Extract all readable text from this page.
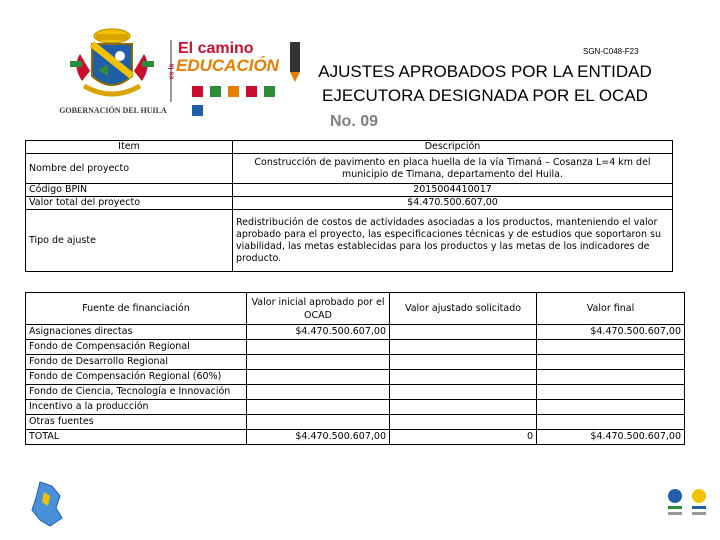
GOBERNACIÓN DEL HUILA
es la
El camino
EDUCACIÓN

SGN-C048-F23
AJUSTES APROBADOS POR LA ENTIDAD
EJECUTORA DESIGNADA POR EL OCAD
No. 09
Item	Descripción
Nombre del proyecto	Construcción de pavimento en placa huella de la vía Timaná – Cosanza L=4 km del municipio de Timana, departamento del Huila.
Código BPIN	2015004410017
Valor total del proyecto	$4.470.500.607,00
Tipo de ajuste	Redistribución de costos de actividades asociadas a los productos, manteniendo el valor aprobado para el proyecto, las especificaciones técnicas y de estudios que soportaron su viabilidad, las metas establecidas para los productos y las metas de los indicadores de producto.
Fuente de financiación	Valor inicial aprobado por el OCAD	Valor ajustado solicitado	Valor final
Asignaciones directas	$4.470.500.607,00		$4.470.500.607,00
Fondo de Compensación Regional			
Fondo de Desarrollo Regional			
Fondo de Compensación Regional (60%)			
Fondo de Ciencia, Tecnología e Innovación			
Incentivo a la producción			
Otras fuentes			
TOTAL	$4.470.500.607,00	0	$4.470.500.607,00
